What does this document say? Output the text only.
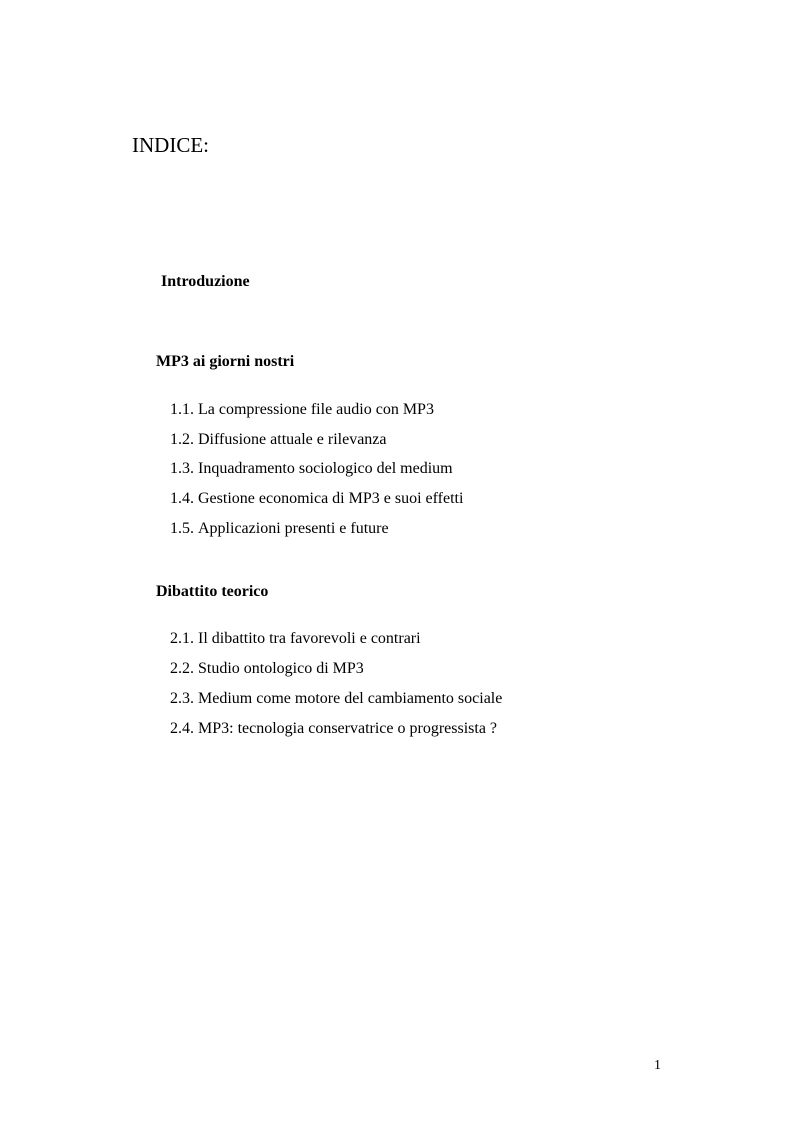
INDICE:
Introduzione
MP3 ai giorni nostri
1.1. La compressione file audio con MP3
1.2. Diffusione attuale e rilevanza
1.3. Inquadramento sociologico del medium
1.4. Gestione economica di MP3 e suoi effetti
1.5. Applicazioni presenti e future
Dibattito teorico
2.1. Il dibattito tra favorevoli e contrari
2.2. Studio ontologico di MP3
2.3. Medium come motore del cambiamento sociale
2.4. MP3: tecnologia conservatrice o progressista ?
1
